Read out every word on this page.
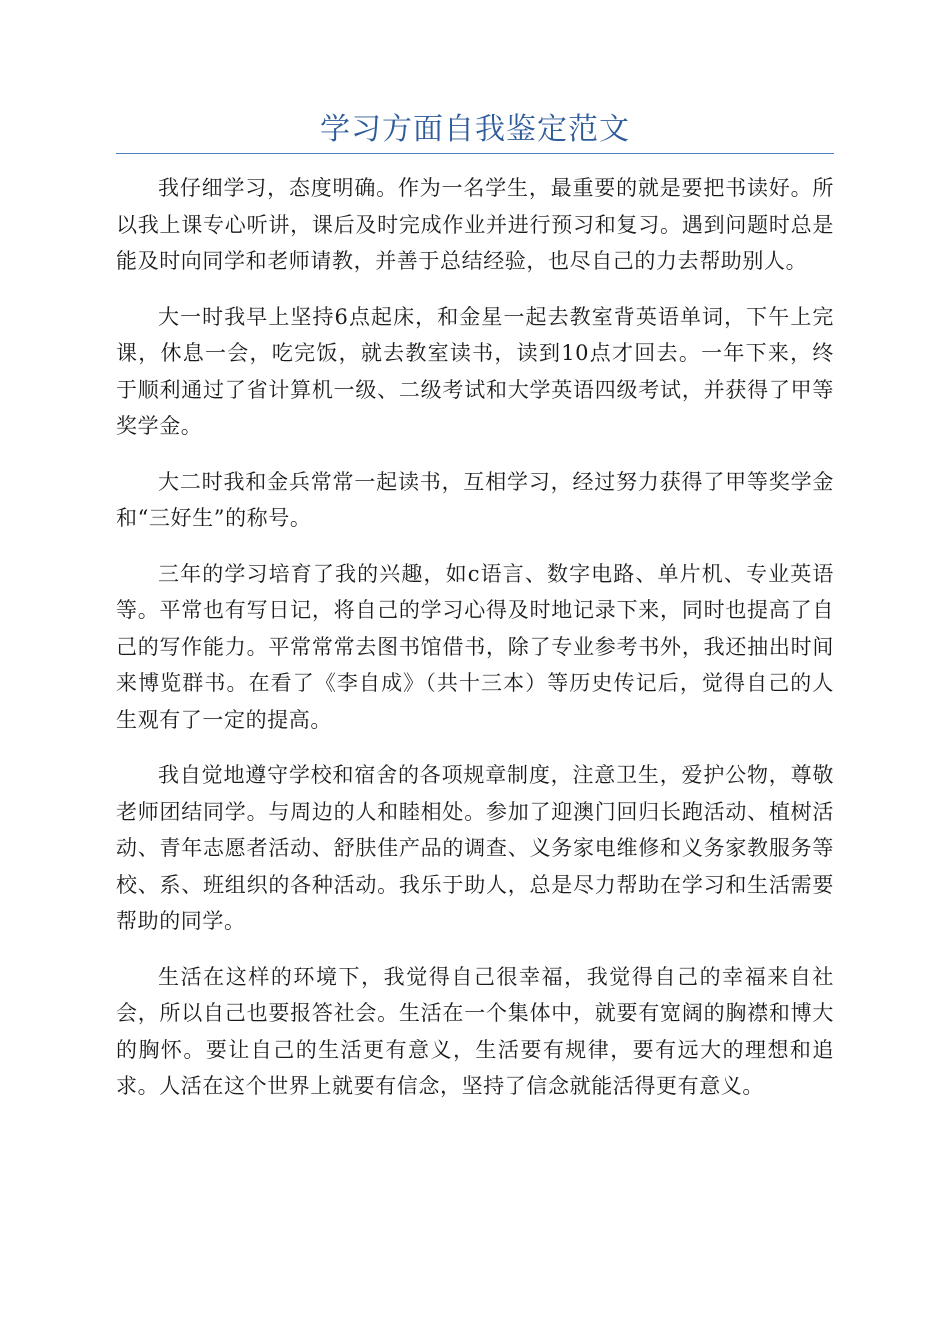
学习方面自我鉴定范文

我仔细学习，态度明确。作为一名学生，最重要的就是要把书读好。所以我上课专心听讲，课后及时完成作业并进行预习和复习。遇到问题时总是能及时向同学和老师请教，并善于总结经验，也尽自己的力去帮助别人。

大一时我早上坚持6点起床，和金星一起去教室背英语单词，下午上完课，休息一会，吃完饭，就去教室读书，读到10点才回去。一年下来，终于顺利通过了省计算机一级、二级考试和大学英语四级考试，并获得了甲等奖学金。

大二时我和金兵常常一起读书，互相学习，经过努力获得了甲等奖学金和“三好生”的称号。

三年的学习培育了我的兴趣，如c语言、数字电路、单片机、专业英语等。平常也有写日记，将自己的学习心得及时地记录下来，同时也提高了自己的写作能力。平常常常去图书馆借书，除了专业参考书外，我还抽出时间来博览群书。在看了《李自成》（共十三本）等历史传记后，觉得自己的人生观有了一定的提高。

我自觉地遵守学校和宿舍的各项规章制度，注意卫生，爱护公物，尊敬老师团结同学。与周边的人和睦相处。参加了迎澳门回归长跑活动、植树活动、青年志愿者活动、舒肤佳产品的调查、义务家电维修和义务家教服务等校、系、班组织的各种活动。我乐于助人，总是尽力帮助在学习和生活需要帮助的同学。

生活在这样的环境下，我觉得自己很幸福，我觉得自己的幸福来自社会，所以自己也要报答社会。生活在一个集体中，就要有宽阔的胸襟和博大的胸怀。要让自己的生活更有意义，生活要有规律，要有远大的理想和追求。人活在这个世界上就要有信念，坚持了信念就能活得更有意义。
